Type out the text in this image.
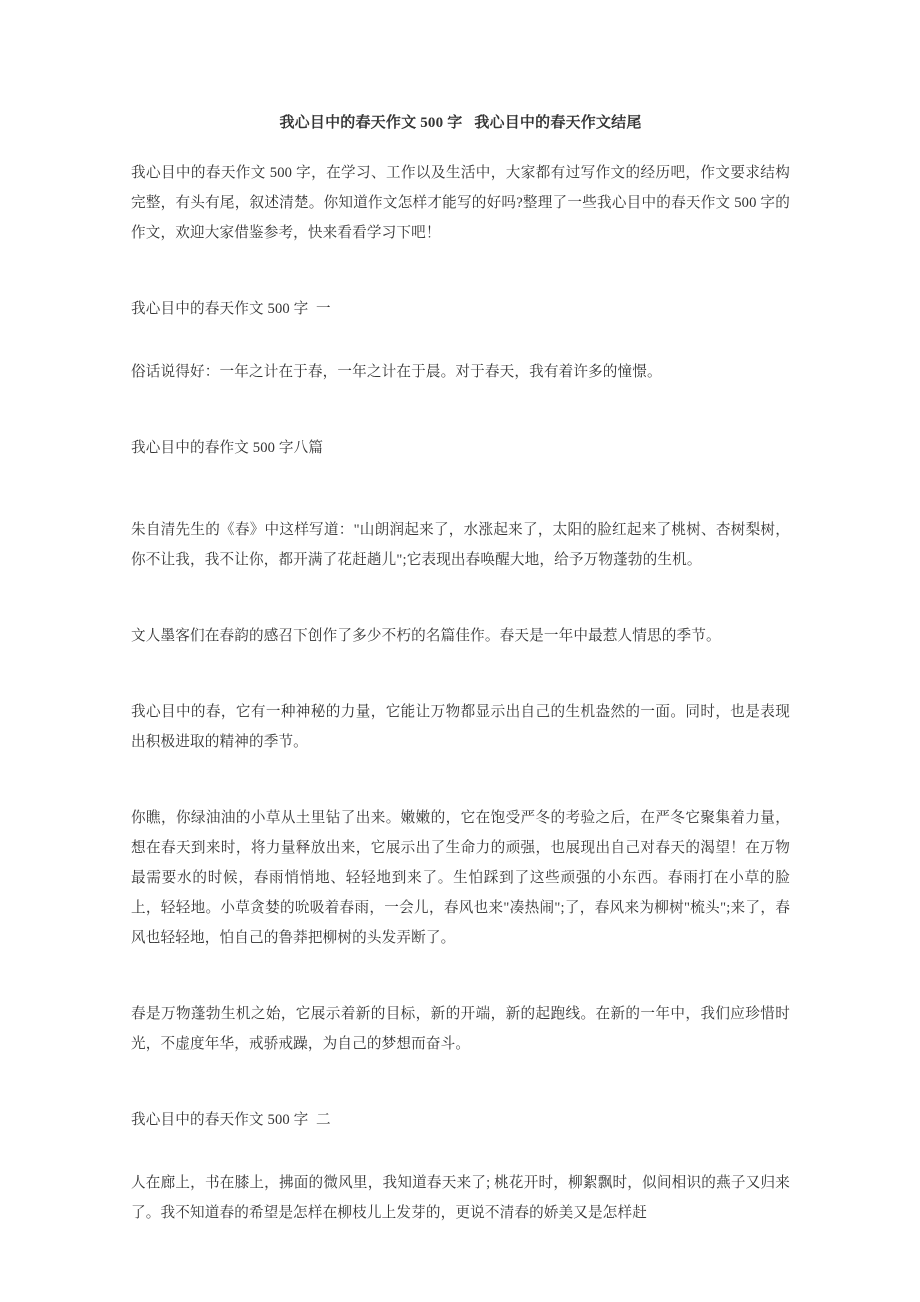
我心目中的春天作文 500 字   我心目中的春天作文结尾

我心目中的春天作文 500 字，在学习、工作以及生活中，大家都有过写作文的经历吧，作文要求结构完整，有头有尾，叙述清楚。你知道作文怎样才能写的好吗?整理了一些我心目中的春天作文 500 字的作文，欢迎大家借鉴参考，快来看看学习下吧！

我心目中的春天作文 500 字  一

俗话说得好：一年之计在于春，一年之计在于晨。对于春天，我有着许多的憧憬。

我心目中的春作文 500 字八篇

朱自清先生的《春》中这样写道："山朗润起来了，水涨起来了，太阳的脸红起来了桃树、杏树梨树，你不让我，我不让你，都开满了花赶趟儿";它表现出春唤醒大地，给予万物蓬勃的生机。

文人墨客们在春韵的感召下创作了多少不朽的名篇佳作。春天是一年中最惹人情思的季节。

我心目中的春，它有一种神秘的力量，它能让万物都显示出自己的生机盎然的一面。同时，也是表现出积极进取的精神的季节。

你瞧，你绿油油的小草从土里钻了出来。嫩嫩的，它在饱受严冬的考验之后，在严冬它聚集着力量，想在春天到来时，将力量释放出来，它展示出了生命力的顽强，也展现出自己对春天的渴望！在万物最需要水的时候，春雨悄悄地、轻轻地到来了。生怕踩到了这些顽强的小东西。春雨打在小草的脸上，轻轻地。小草贪婪的吮吸着春雨，一会儿，春风也来"凑热闹";了，春风来为柳树"梳头";来了，春风也轻轻地，怕自己的鲁莽把柳树的头发弄断了。

春是万物蓬勃生机之始，它展示着新的目标，新的开端，新的起跑线。在新的一年中，我们应珍惜时光，不虚度年华，戒骄戒躁，为自己的梦想而奋斗。

我心目中的春天作文 500 字  二

人在廊上，书在膝上，拂面的微风里，我知道春天来了; 桃花开时，柳絮飘时，似间相识的燕子又归来了。我不知道春的希望是怎样在柳枝儿上发芽的，更说不清春的娇美又是怎样赶
